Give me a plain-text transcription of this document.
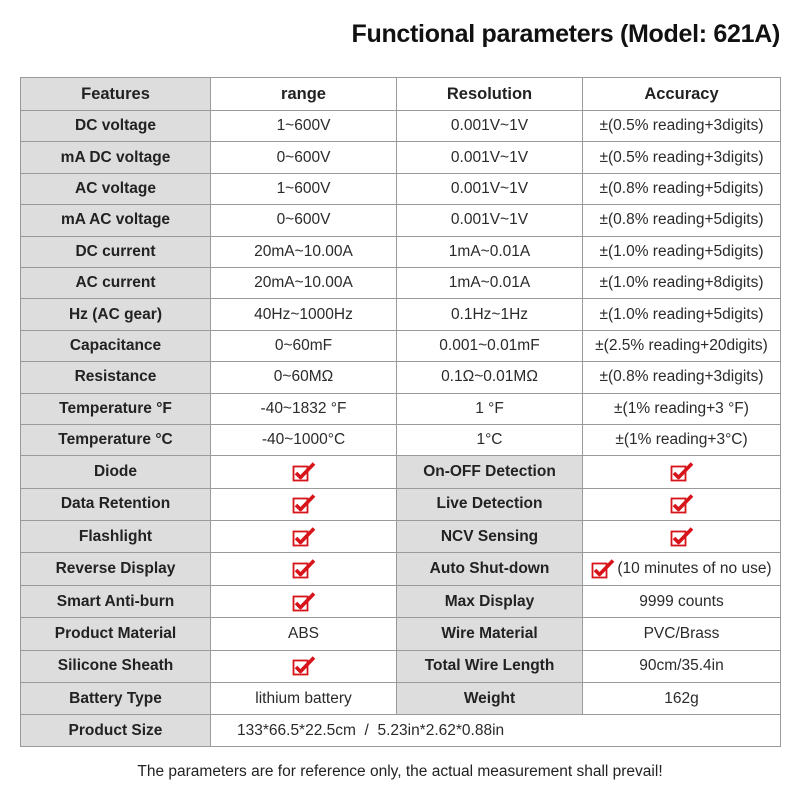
Functional parameters (Model: 621A)
Features	range	Resolution	Accuracy
DC voltage	1~600V	0.001V~1V	±(0.5% reading+3digits)
mA DC voltage	0~600V	0.001V~1V	±(0.5% reading+3digits)
AC voltage	1~600V	0.001V~1V	±(0.8% reading+5digits)
mA AC voltage	0~600V	0.001V~1V	±(0.8% reading+5digits)
DC current	20mA~10.00A	1mA~0.01A	±(1.0% reading+5digits)
AC current	20mA~10.00A	1mA~0.01A	±(1.0% reading+8digits)
Hz (AC gear)	40Hz~1000Hz	0.1Hz~1Hz	±(1.0% reading+5digits)
Capacitance	0~60mF	0.001~0.01mF	±(2.5% reading+20digits)
Resistance	0~60MΩ	0.1Ω~0.01MΩ	±(0.8% reading+3digits)
Temperature °F	-40~1832 °F	1 °F	±(1% reading+3 °F)
Temperature °C	-40~1000°C	1°C	±(1% reading+3°C)
Diode		On-OFF Detection	

Data Retention		Live Detection	

Flashlight		NCV Sensing	

Reverse Display		Auto Shut-down	(10 minutes of no use)
Smart Anti-burn		Max Display	9999 counts
Product Material	ABS	Wire Material	PVC/Brass
Silicone Sheath		Total Wire Length	90cm/35.4in
Battery Type	lithium battery	Weight	162g
Product Size	133*66.5*22.5cm  /  5.23in*2.62*0.88in		
The parameters are for reference only, the actual measurement shall prevail!
